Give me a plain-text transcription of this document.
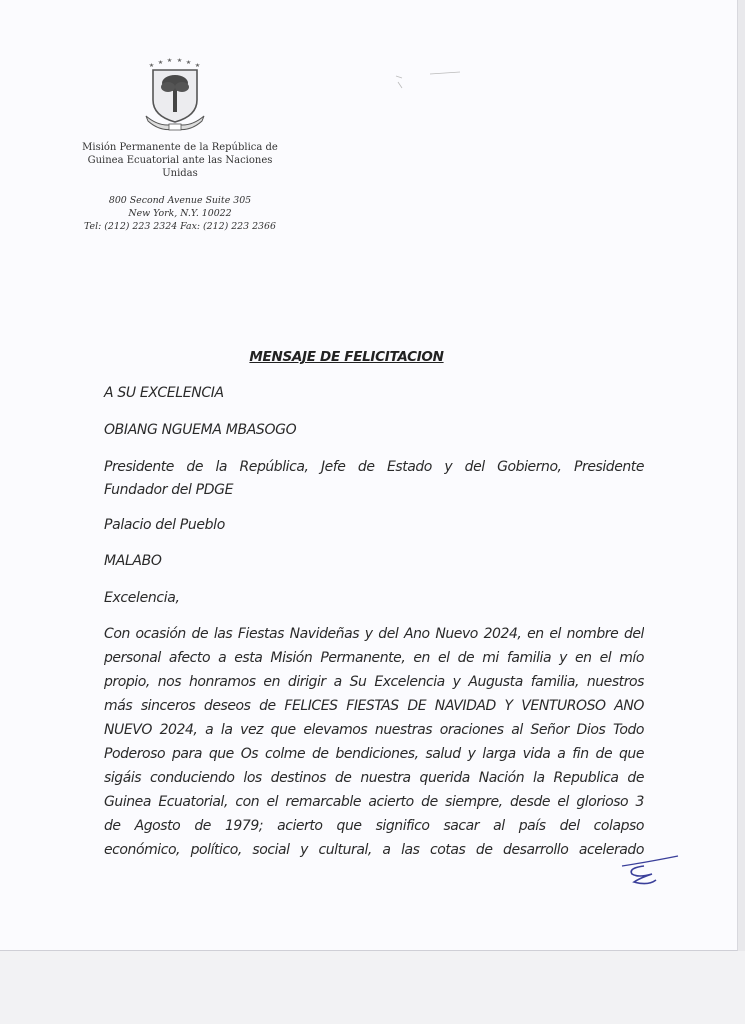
Misión Permanente de la República de
Guinea Ecuatorial ante las Naciones
Unidas
800 Second Avenue Suite 305
New York, N.Y. 10022
Tel: (212) 223 2324 Fax: (212) 223 2366
MENSAJE DE FELICITACION
A SU EXCELENCIA
OBIANG NGUEMA MBASOGO
Presidente de la República, Jefe de Estado y del Gobierno, Presidente
Fundador del PDGE
Palacio del Pueblo
MALABO
Excelencia,
Con ocasión de las Fiestas Navideñas y del Ano Nuevo 2024, en el nombre del
personal afecto a esta Misión Permanente, en el de mi familia y en el mío
propio, nos honramos en dirigir a Su Excelencia y Augusta familia, nuestros
más sinceros deseos de FELICES FIESTAS DE NAVIDAD Y VENTUROSO ANO
NUEVO 2024, a la vez que elevamos nuestras oraciones al Señor Dios Todo
Poderoso para que Os colme de bendiciones, salud y larga vida a fin de que
sigáis conduciendo los destinos de nuestra querida Nación la Republica de
Guinea Ecuatorial, con el remarcable acierto de siempre, desde el glorioso 3
de Agosto de 1979; acierto que significo sacar al país del colapso
económico, político, social y cultural, a las cotas de desarrollo acelerado
